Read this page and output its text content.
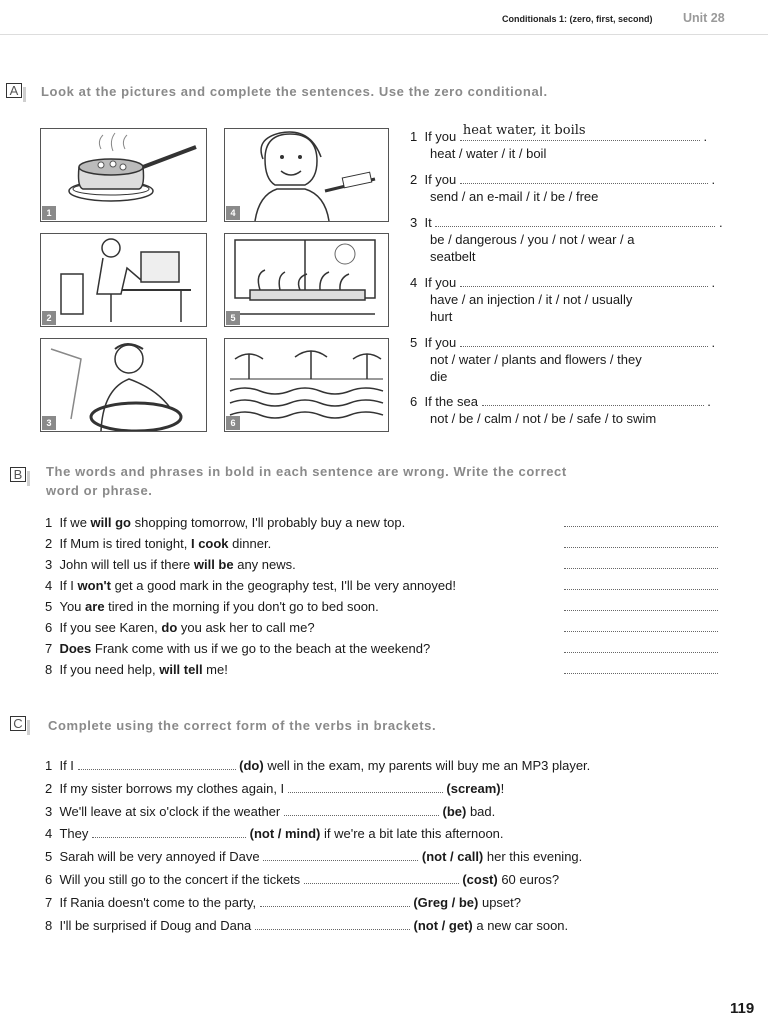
Conditionals 1: (zero, first, second) Unit 28
A Look at the pictures and complete the sentences. Use the zero conditional.
1	4
2	5
3	6
1 If you heat water, it boils	.
heat / water / it / boil
2 If you	.
send / an e-mail / it / be / free
3 It	.
be / dangerous / you / not / wear / a
seatbelt
4 If you	.
have / an injection / it / not / usually
hurt
5 If you	.
not / water / plants and flowers / they
die
6 If the sea	.
not / be / calm / not / be / safe / to swim
B The words and phrases in bold in each sentence are wrong. Write the correct
word or phrase.
1 If we will go shopping tomorrow, I'll probably buy a new top.
2 If Mum is tired tonight, I cook dinner.
3 John will tell us if there will be any news.
4 If I won't get a good mark in the geography test, I'll be very annoyed!
5 You are tired in the morning if you don't go to bed soon.
6 If you see Karen, do you ask her to call me?
7 Does Frank come with us if we go to the beach at the weekend?
8 If you need help, will tell me!
C Complete using the correct form of the verbs in brackets.
1 If I	(do) well in the exam, my parents will buy me an MP3 player.
2 If my sister borrows my clothes again, I	(scream)!
3 We'll leave at six o'clock if the weather	(be) bad.
4 They	(not / mind) if we're a bit late this afternoon.
5 Sarah will be very annoyed if Dave	(not / call) her this evening.
6 Will you still go to the concert if the tickets	(cost) 60 euros?
7 If Rania doesn't come to the party,	(Greg / be) upset?
8 I'll be surprised if Doug and Dana	(not / get) a new car soon.
119
